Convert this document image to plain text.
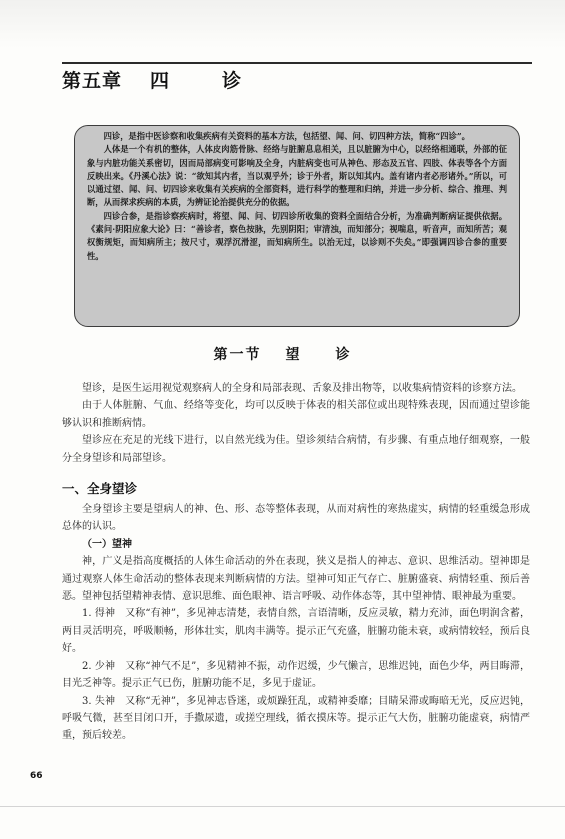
第五章 四	诊

四诊，是指中医诊察和收集疾病有关资料的基本方法，包括望、闻、问、切四种方法，简称“四诊”。

人体是一个有机的整体，人体皮肉筋骨脉、经络与脏腑息息相关，且以脏腑为中心，以经络相通联，外部的征象与内脏功能关系密切，因而局部病变可影响及全身，内脏病变也可从神色、形态及五官、四肢、体表等各个方面反映出来。《丹溪心法》说：“欲知其内者，当以观乎外；诊于外者，斯以知其内。盖有诸内者必形诸外。”所以，可以通过望、闻、问、切四诊来收集有关疾病的全部资料，进行科学的整理和归纳，并进一步分析、综合、推理、判断，从而探求疾病的本质，为辨证论治提供充分的依据。

四诊合参，是指诊察疾病时，将望、闻、问、切四诊所收集的资料全面结合分析，为准确判断病证提供依据。《素问·阴阳应象大论》曰：“善诊者，察色按脉，先别阴阳；审清浊，而知部分；视喘息，听音声，而知所苦；观权衡规矩，而知病所主；按尺寸，观浮沉滑涩，而知病所生。以治无过，以诊则不失矣。”即强调四诊合参的重要性。

第一节 望 诊

望诊，是医生运用视觉观察病人的全身和局部表现、舌象及排出物等，以收集病情资料的诊察方法。

由于人体脏腑、气血、经络等变化，均可以反映于体表的相关部位或出现特殊表现，因而通过望诊能够认识和推断病情。

望诊应在充足的光线下进行，以自然光线为佳。望诊须结合病情，有步骤、有重点地仔细观察，一般分全身望诊和局部望诊。

一、全身望诊

全身望诊主要是望病人的神、色、形、态等整体表现，从而对病性的寒热虚实，病情的轻重缓急形成总体的认识。

（一）望神

神，广义是指高度概括的人体生命活动的外在表现，狭义是指人的神志、意识、思维活动。望神即是通过观察人体生命活动的整体表现来判断病情的方法。望神可知正气存亡、脏腑盛衰、病情轻重、预后善恶。望神包括望精神表情、意识思维、面色眼神、语言呼吸、动作体态等，其中望神情、眼神最为重要。

1. 得神　又称“有神”，多见神志清楚，表情自然，言语清晰，反应灵敏，精力充沛，面色明润含蓄，两目灵活明亮，呼吸顺畅，形体壮实，肌肉丰满等。提示正气充盛，脏腑功能未衰，或病情较轻，预后良好。

2. 少神　又称“神气不足”，多见精神不振，动作迟缓，少气懒言，思维迟钝，面色少华，两目晦滞，目光乏神等。提示正气已伤，脏腑功能不足，多见于虚证。

3. 失神　又称“无神”，多见神志昏迷，或烦躁狂乱，或精神委靡；目睛呆滞或晦暗无光，反应迟钝，呼吸气微，甚至目闭口开，手撒尿遗，或搓空理线，循衣摸床等。提示正气大伤，脏腑功能虚衰，病情严重，预后较差。

66
